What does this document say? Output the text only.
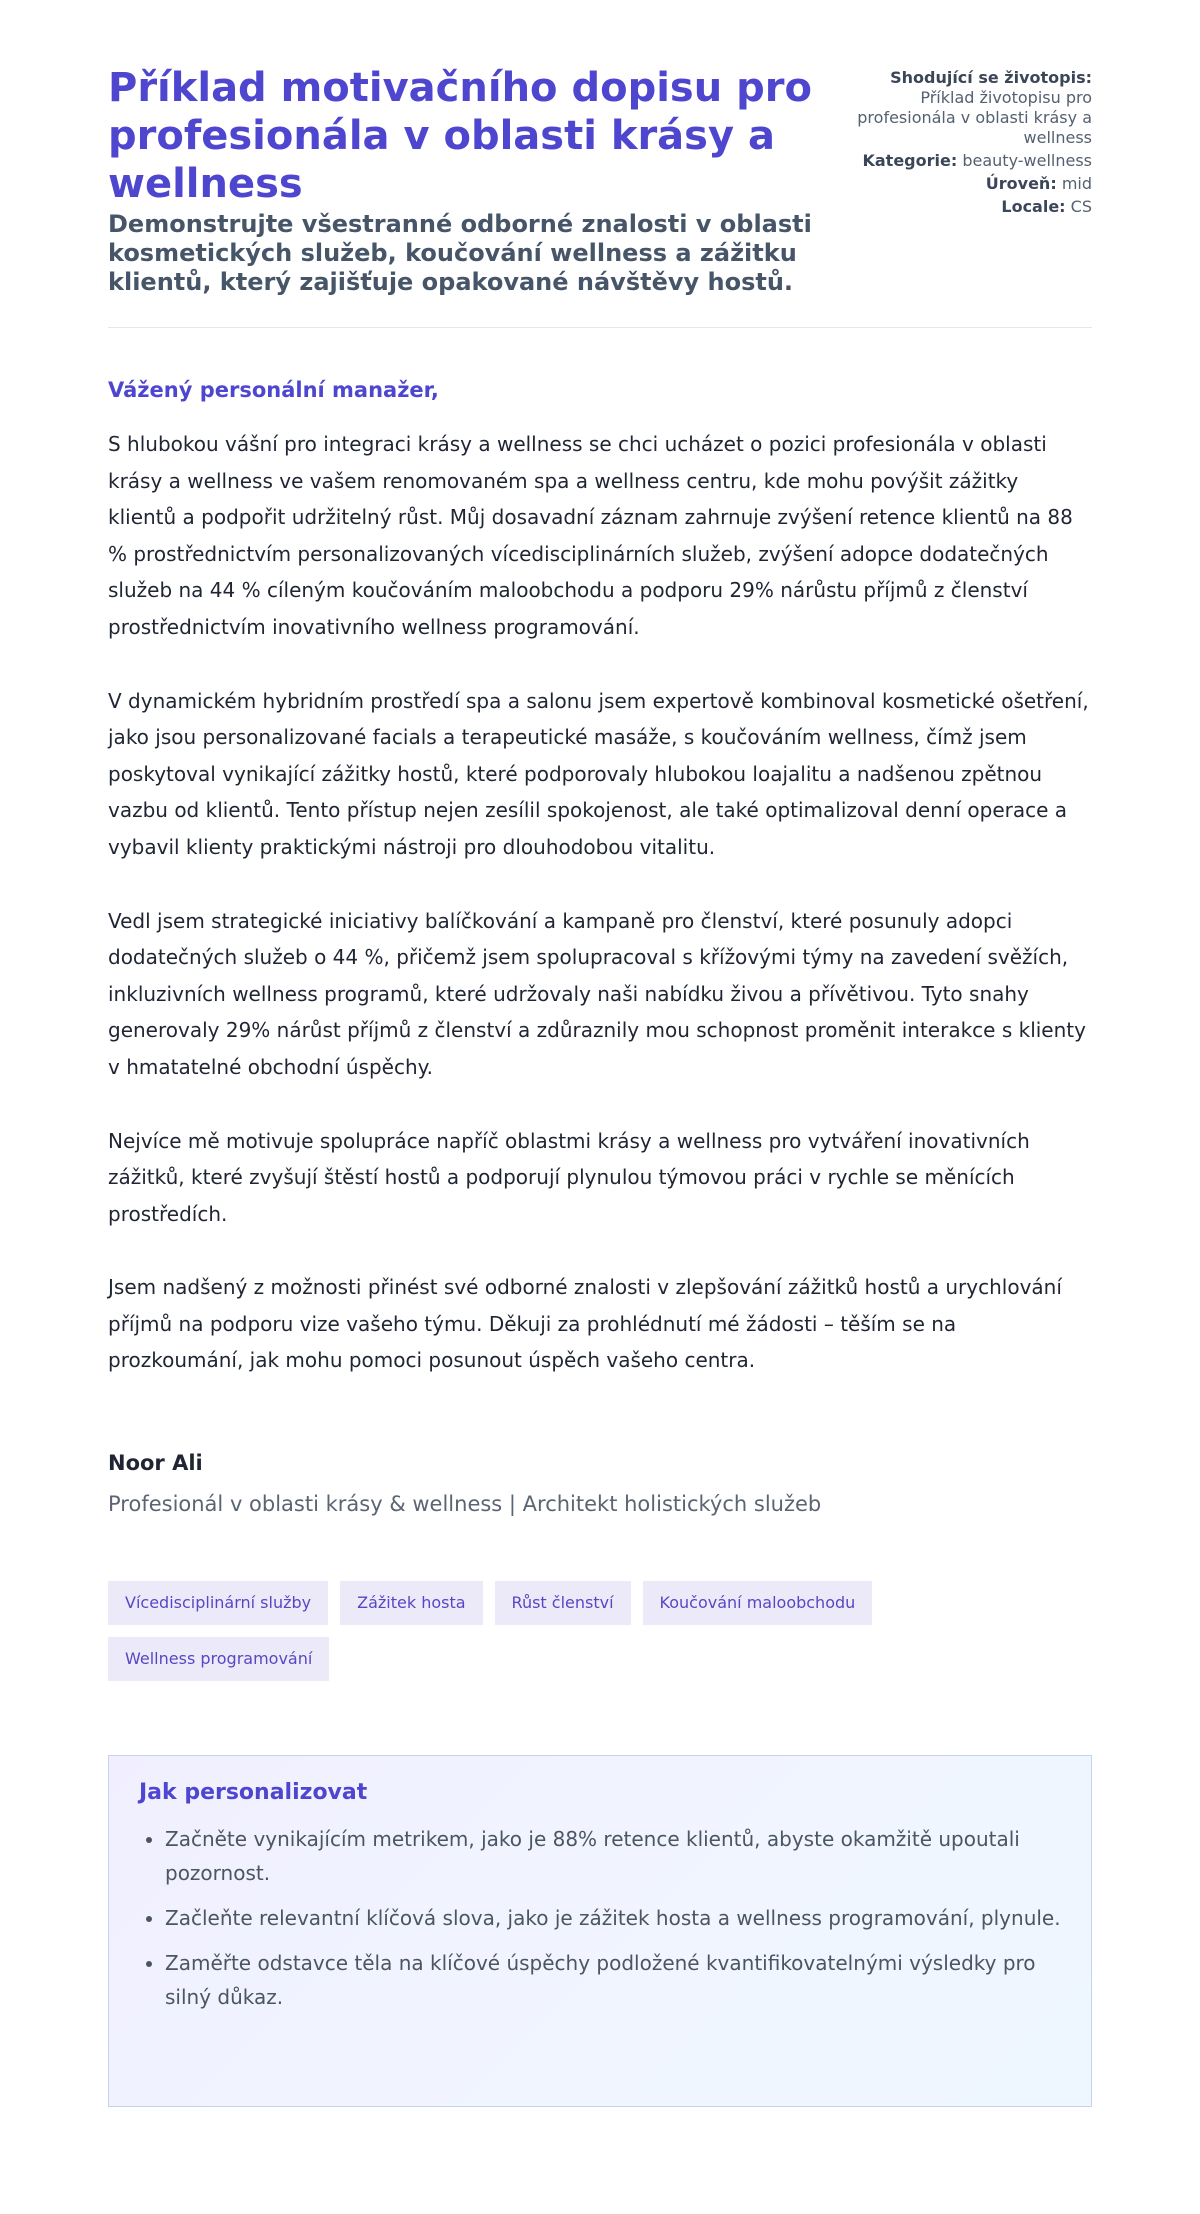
Příklad motivačního dopisu pro profesionála v oblasti krásy a wellness
Demonstrujte všestranné odborné znalosti v oblasti kosmetických služeb, koučování wellness a zážitku klientů, který zajišťuje opakované návštěvy hostů.
Shodující se životopis:
Příklad životopisu pro profesionála v oblasti krásy a wellness
Kategorie: beauty-wellness
Úroveň: mid
Locale: CS
Vážený personální manažer,

S hlubokou vášní pro integraci krásy a wellness se chci ucházet o pozici profesionála v oblasti krásy a wellness ve vašem renomovaném spa a wellness centru, kde mohu povýšit zážitky klientů a podpořit udržitelný růst. Můj dosavadní záznam zahrnuje zvýšení retence klientů na 88 % prostřednictvím personalizovaných vícedisciplinárních služeb, zvýšení adopce dodatečných služeb na 44 % cíleným koučováním maloobchodu a podporu 29% nárůstu příjmů z členství prostřednictvím inovativního wellness programování.

V dynamickém hybridním prostředí spa a salonu jsem expertově kombinoval kosmetické ošetření, jako jsou personalizované facials a terapeutické masáže, s koučováním wellness, čímž jsem poskytoval vynikající zážitky hostů, které podporovaly hlubokou loajalitu a nadšenou zpětnou vazbu od klientů. Tento přístup nejen zesílil spokojenost, ale také optimalizoval denní operace a vybavil klienty praktickými nástroji pro dlouhodobou vitalitu.

Vedl jsem strategické iniciativy balíčkování a kampaně pro členství, které posunuly adopci dodatečných služeb o 44 %, přičemž jsem spolupracoval s křížovými týmy na zavedení svěžích, inkluzivních wellness programů, které udržovaly naši nabídku živou a přívětivou. Tyto snahy generovaly 29% nárůst příjmů z členství a zdůraznily mou schopnost proměnit interakce s klienty v hmatatelné obchodní úspěchy.

Nejvíce mě motivuje spolupráce napříč oblastmi krásy a wellness pro vytváření inovativních zážitků, které zvyšují štěstí hostů a podporují plynulou týmovou práci v rychle se měnících prostředích.

Jsem nadšený z možnosti přinést své odborné znalosti v zlepšování zážitků hostů a urychlování příjmů na podporu vize vašeho týmu. Děkuji za prohlédnutí mé žádosti – těším se na prozkoumání, jak mohu pomoci posunout úspěch vašeho centra.

Noor Ali
Profesionál v oblasti krásy & wellness | Architekt holistických služeb
Vícedisciplinární služby	Zážitek hosta	Růst členství	Koučování maloobchodu
Wellness programování
Jak personalizovat
• Začněte vynikajícím metrikem, jako je 88% retence klientů, abyste okamžitě upoutali pozornost.
• Začleňte relevantní klíčová slova, jako je zážitek hosta a wellness programování, plynule.
• Zaměřte odstavce těla na klíčové úspěchy podložené kvantifikovatelnými výsledky pro silný důkaz.
